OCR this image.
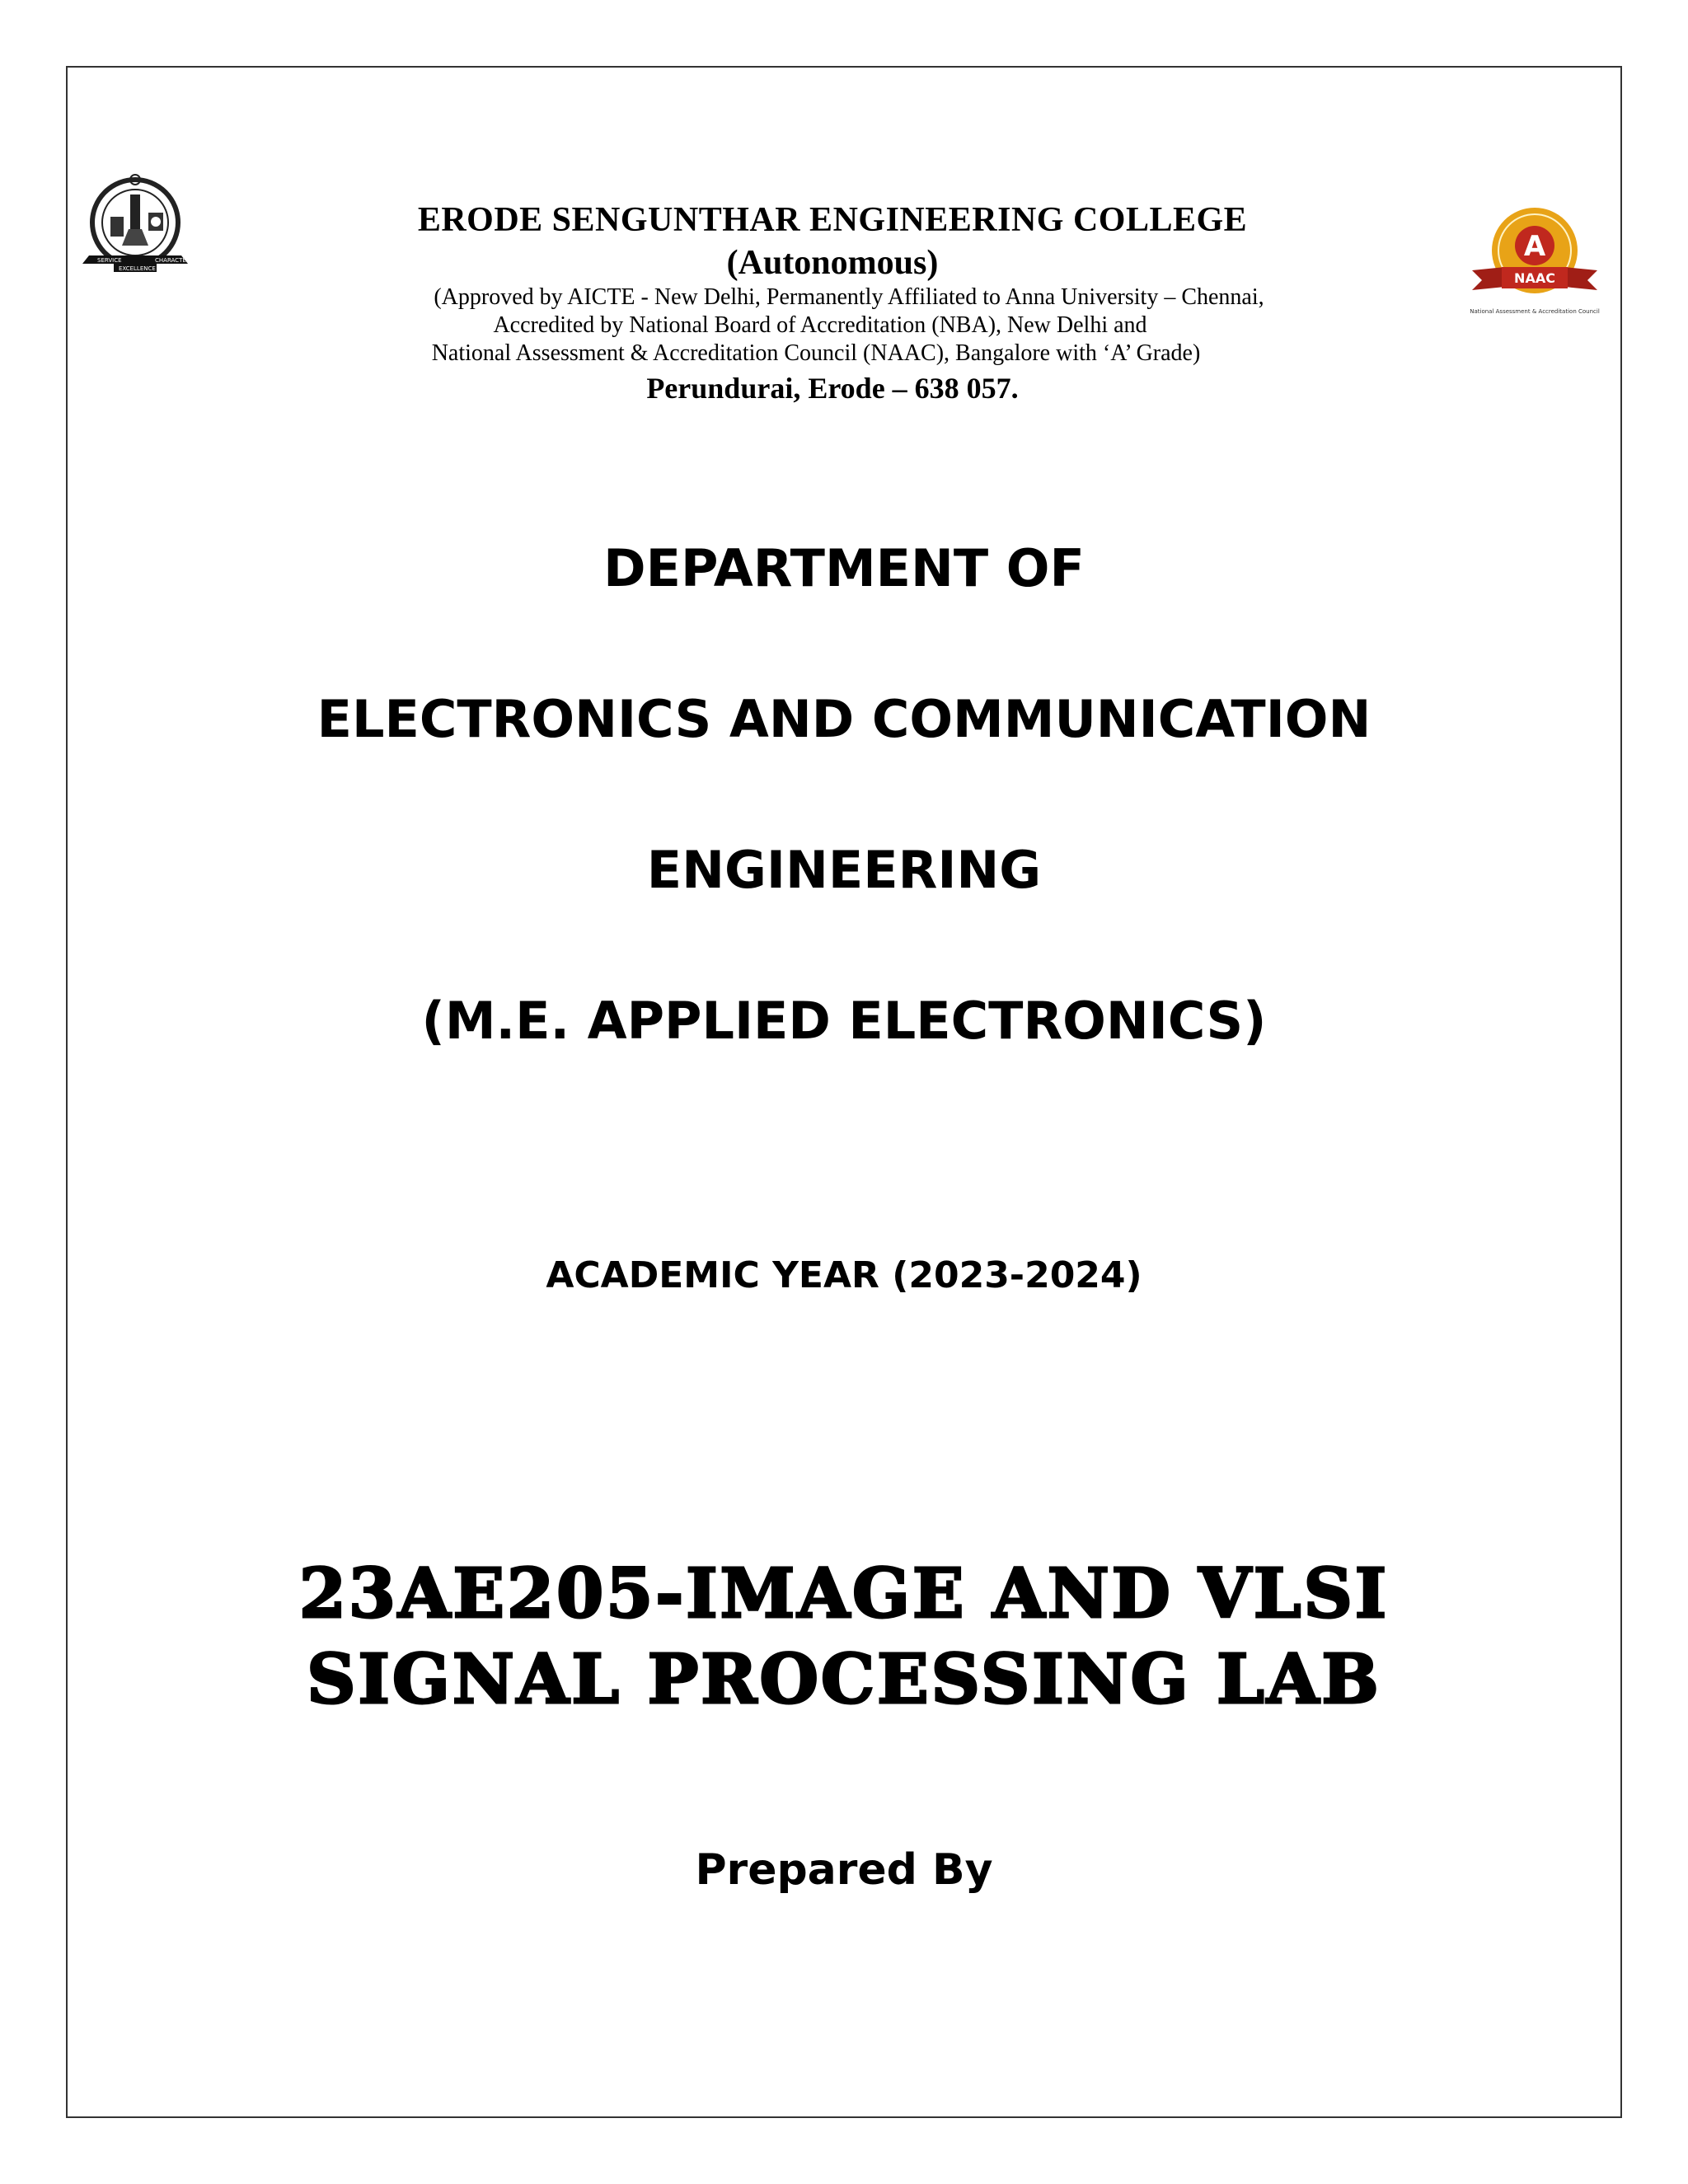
SERVICE	CHARACTER
EXCELLENCE
A
NAAC
National Assessment & Accreditation Council
ERODE SENGUNTHAR ENGINEERING COLLEGE
(Autonomous)
(Approved by AICTE - New Delhi, Permanently Affiliated to Anna University – Chennai,
Accredited by National Board of Accreditation (NBA), New Delhi and
National Assessment & Accreditation Council (NAAC), Bangalore with ‘A’ Grade)
Perundurai, Erode – 638 057.
DEPARTMENT OF
ELECTRONICS AND COMMUNICATION
ENGINEERING
(M.E. APPLIED ELECTRONICS)
ACADEMIC YEAR (2023-2024)
23AE205-IMAGE AND VLSI
SIGNAL PROCESSING LAB
Prepared By
